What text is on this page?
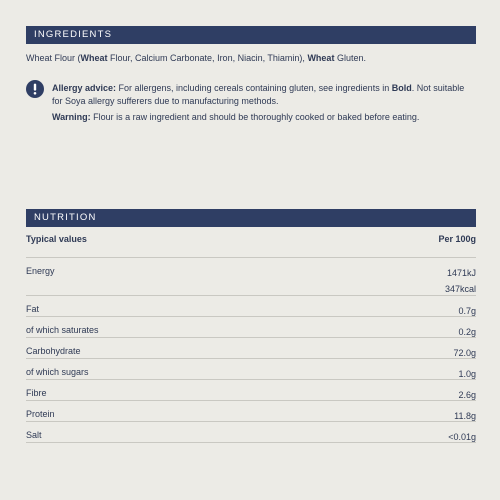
INGREDIENTS
Wheat Flour (Wheat Flour, Calcium Carbonate, Iron, Niacin, Thiamin), Wheat Gluten.
Allergy advice: For allergens, including cereals containing gluten, see ingredients in Bold. Not suitable for Soya allergy sufferers due to manufacturing methods.
Warning: Flour is a raw ingredient and should be thoroughly cooked or baked before eating.
NUTRITION
Typical values	Per 100g
Energy	1471kJ
347kcal
Fat	0.7g
of which saturates	0.2g
Carbohydrate	72.0g
of which sugars	1.0g
Fibre	2.6g
Protein	11.8g
Salt	<0.01g
